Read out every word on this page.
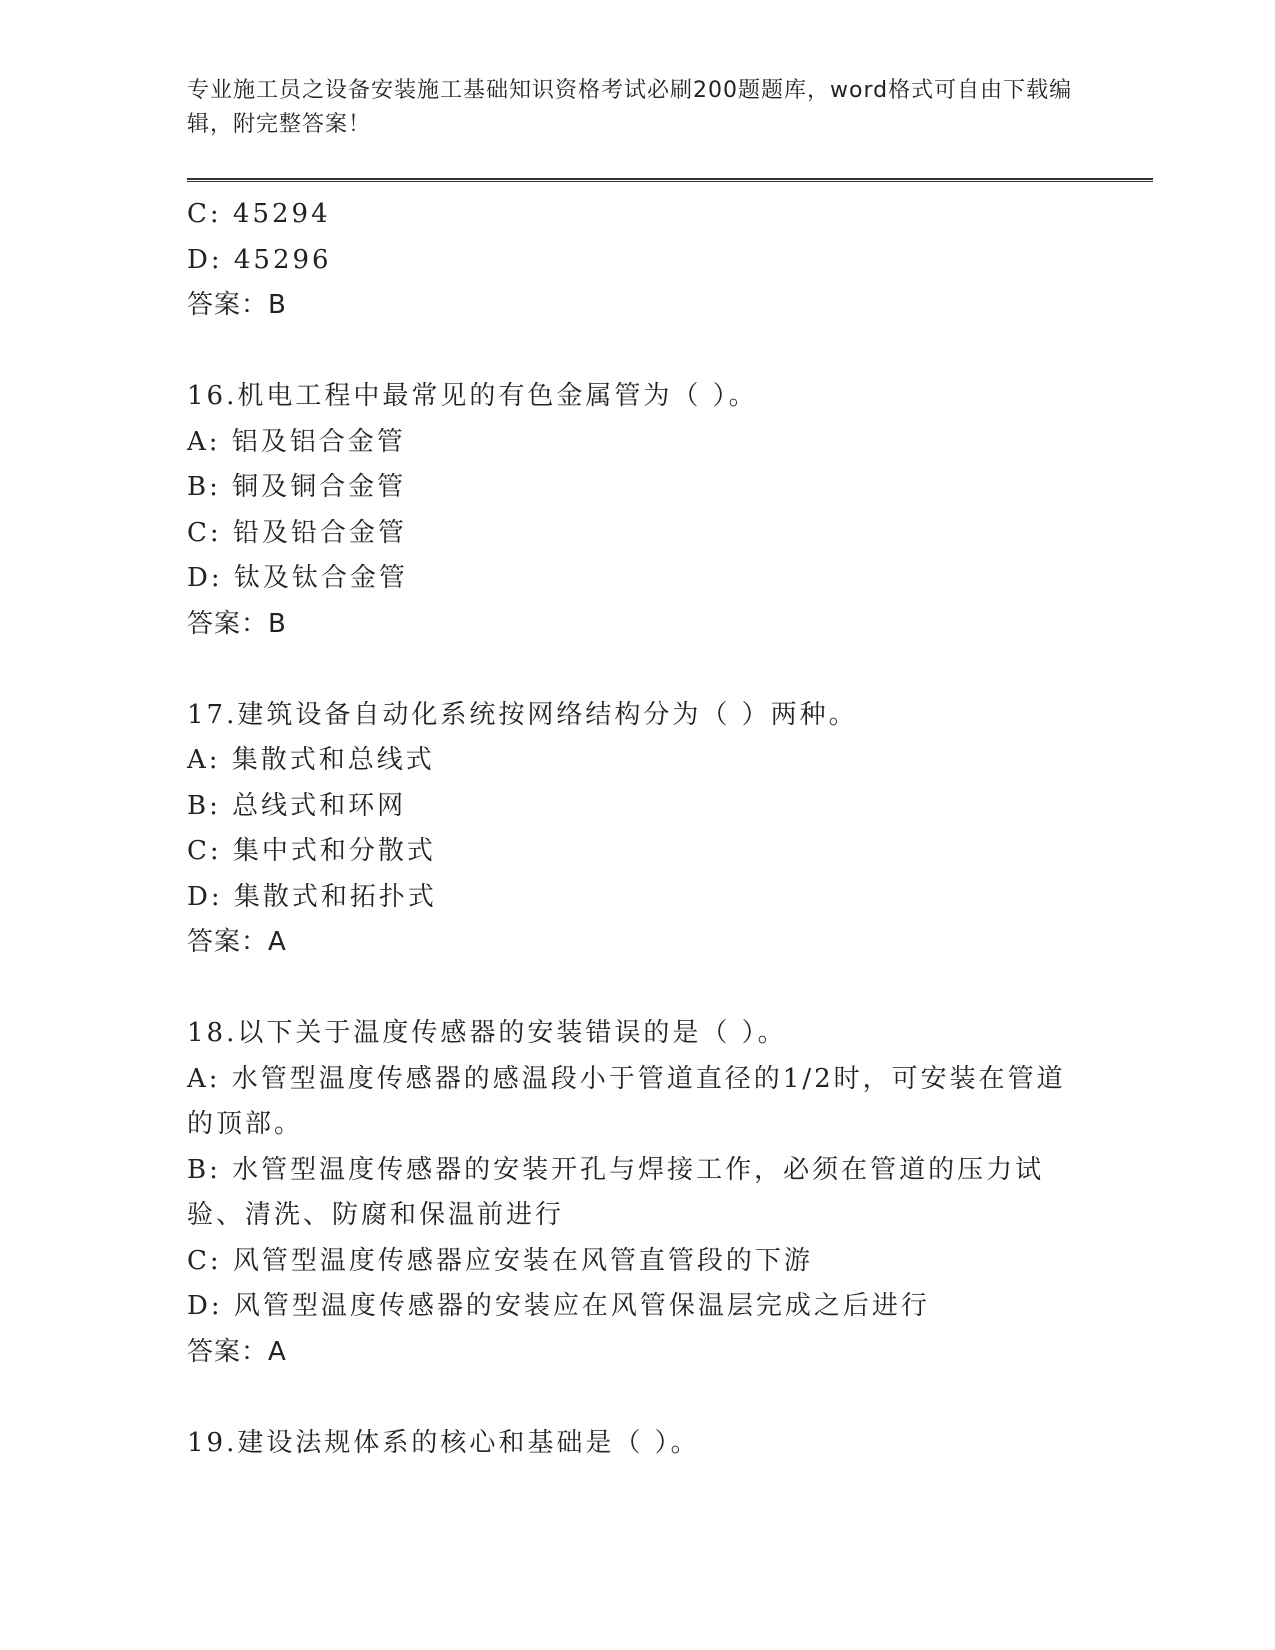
专业施工员之设备安装施工基础知识资格考试必刷200题题库，word格式可自由下载编辑，附完整答案！

C: 45294

D: 45296

答案：B

16.机电工程中最常见的有色金属管为（ ）。

A: 铝及铝合金管

B: 铜及铜合金管

C: 铅及铅合金管

D: 钛及钛合金管

答案：B

17.建筑设备自动化系统按网络结构分为（ ）两种。

A: 集散式和总线式

B: 总线式和环网

C: 集中式和分散式

D: 集散式和拓扑式

答案：A

18.以下关于温度传感器的安装错误的是（ ）。

A: 水管型温度传感器的感温段小于管道直径的1/2时，可安装在管道的顶部。

B: 水管型温度传感器的安装开孔与焊接工作，必须在管道的压力试验、清洗、防腐和保温前进行

C: 风管型温度传感器应安装在风管直管段的下游

D: 风管型温度传感器的安装应在风管保温层完成之后进行

答案：A

19.建设法规体系的核心和基础是（ ）。
